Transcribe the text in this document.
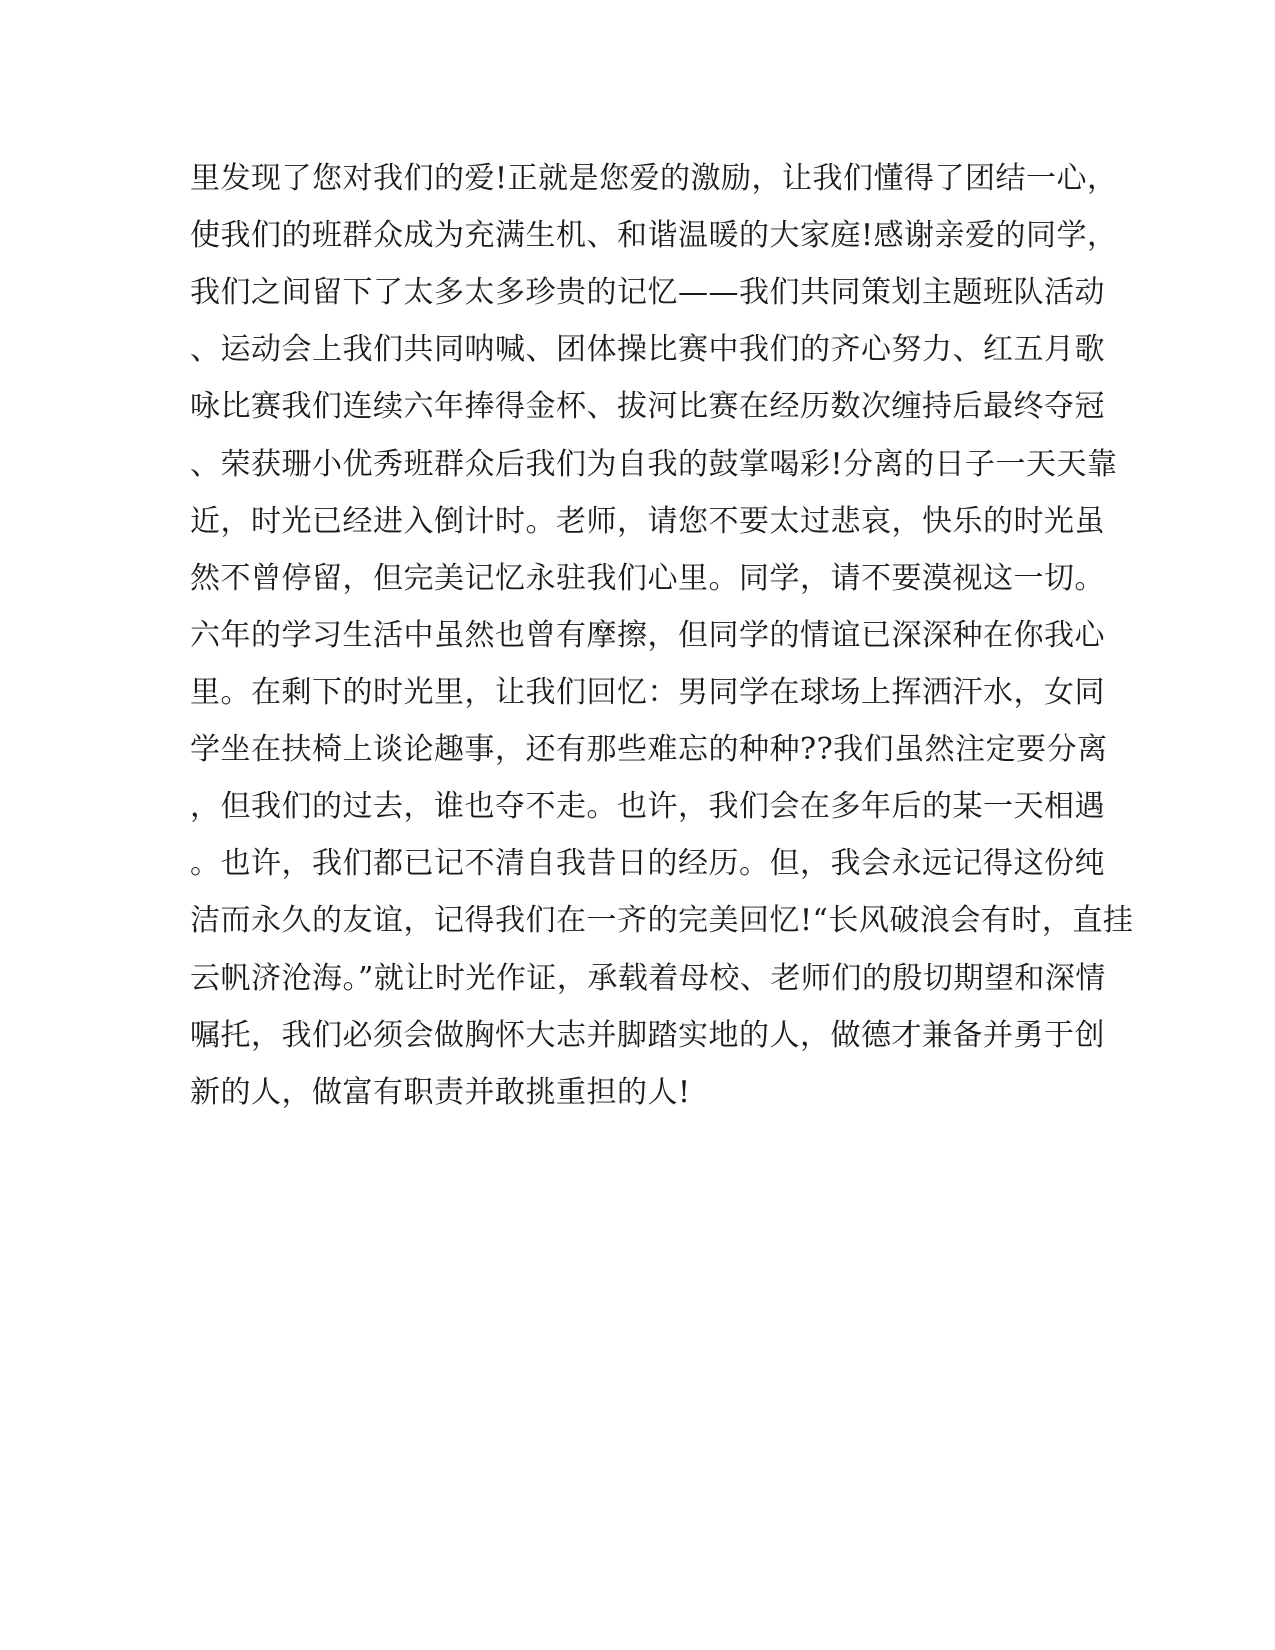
里发现了您对我们的爱!正就是您爱的激励，让我们懂得了团结一心，
使我们的班群众成为充满生机、和谐温暖的大家庭!感谢亲爱的同学，
我们之间留下了太多太多珍贵的记忆——我们共同策划主题班队活动
、运动会上我们共同呐喊、团体操比赛中我们的齐心努力、红五月歌
咏比赛我们连续六年捧得金杯、拔河比赛在经历数次缠持后最终夺冠
、荣获珊小优秀班群众后我们为自我的鼓掌喝彩!分离的日子一天天靠
近，时光已经进入倒计时。老师，请您不要太过悲哀，快乐的时光虽
然不曾停留，但完美记忆永驻我们心里。同学，请不要漠视这一切。
六年的学习生活中虽然也曾有摩擦，但同学的情谊已深深种在你我心
里。在剩下的时光里，让我们回忆：男同学在球场上挥洒汗水，女同
学坐在扶椅上谈论趣事，还有那些难忘的种种??我们虽然注定要分离
，但我们的过去，谁也夺不走。也许，我们会在多年后的某一天相遇
。也许，我们都已记不清自我昔日的经历。但，我会永远记得这份纯
洁而永久的友谊，记得我们在一齐的完美回忆!“长风破浪会有时，直挂
云帆济沧海。”就让时光作证，承载着母校、老师们的殷切期望和深情
嘱托，我们必须会做胸怀大志并脚踏实地的人，做德才兼备并勇于创
新的人，做富有职责并敢挑重担的人!
